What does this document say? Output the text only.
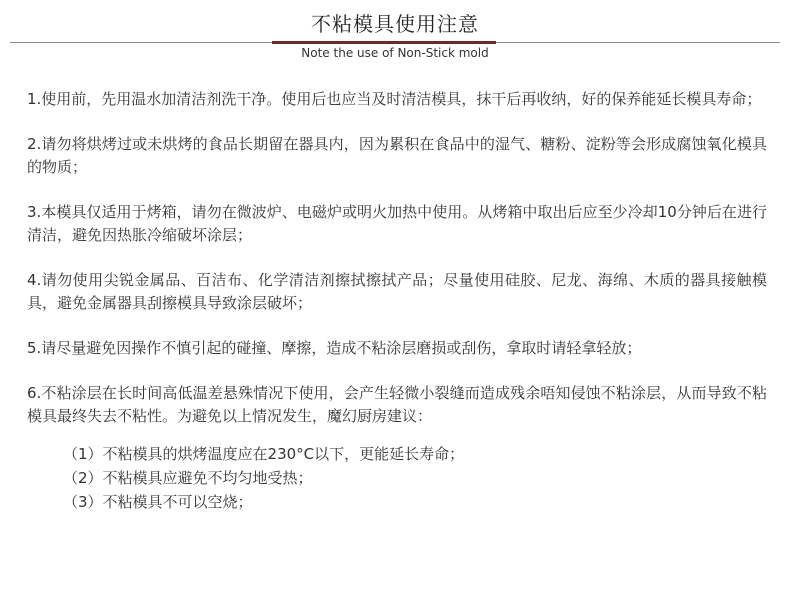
不粘模具使用注意
Note the use of Non-Stick mold

1.使用前，先用温水加清洁剂洗干净。使用后也应当及时清洁模具，抹干后再收纳，好的保养能延长模具寿命；

2.请勿将烘烤过或未烘烤的食品长期留在器具内，因为累积在食品中的湿气、糖粉、淀粉等会形成腐蚀氧化模具的物质；

3.本模具仅适用于烤箱，请勿在微波炉、电磁炉或明火加热中使用。从烤箱中取出后应至少冷却10分钟后在进行清洁，避免因热胀冷缩破坏涂层；

4.请勿使用尖锐金属品、百洁布、化学清洁剂擦拭擦拭产品；尽量使用硅胶、尼龙、海绵、木质的器具接触模具，避免金属器具刮擦模具导致涂层破坏；

5.请尽量避免因操作不慎引起的碰撞、摩擦，造成不粘涂层磨损或刮伤，拿取时请轻拿轻放；

6.不粘涂层在长时间高低温差悬殊情况下使用，会产生轻微小裂缝而造成残余唔知侵蚀不粘涂层，从而导致不粘模具最终失去不粘性。为避免以上情况发生，魔幻厨房建议：

（1）不粘模具的烘烤温度应在230°C以下，更能延长寿命；
（2）不粘模具应避免不均匀地受热；
（3）不粘模具不可以空烧；
